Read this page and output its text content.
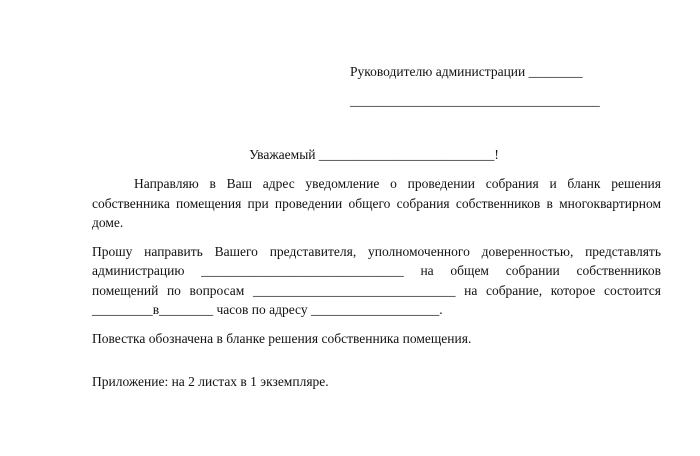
Руководителю администрации ________
_____________________________________
Уважаемый __________________________!

Направляю в Ваш адрес уведомление о проведении собрания и бланк решения собственника помещения при проведении общего собрания собственников в многоквартирном доме.

Прошу направить Вашего представителя, уполномоченного доверенностью, представлять администрацию ______________________________ на общем собрании собственников помещений по вопросам ______________________________ на собрание, которое состоится _________в________ часов по адресу ___________________.

Повестка обозначена в бланке решения собственника помещения.

Приложение: на 2 листах в 1 экземпляре.
